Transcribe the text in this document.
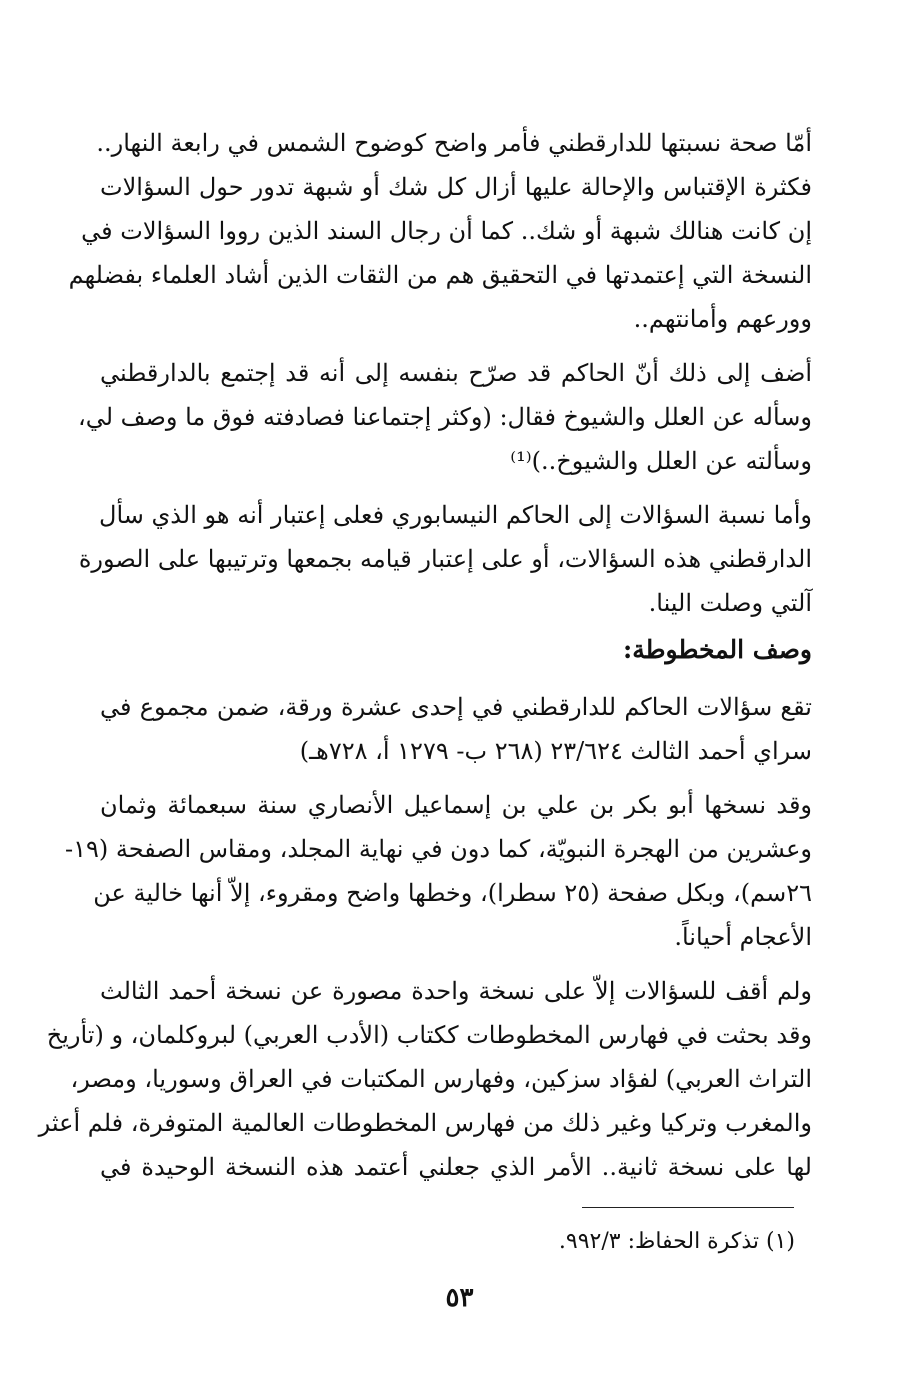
أمّا صحة نسبتها للدارقطني فأمر واضح كوضوح الشمس في رابعة النهار..
فكثرة الإقتباس والإحالة عليها أزال كل شك أو شبهة تدور حول السؤالات
إن كانت هنالك شبهة أو شك.. كما أن رجال السند الذين رووا السؤالات في
النسخة التي إعتمدتها في التحقيق هم من الثقات الذين أشاد العلماء بفضلهم
وورعهم وأمانتهم..
أضف إلى ذلك أنّ الحاكم قد صرّح بنفسه إلى أنه قد إجتمع بالدارقطني
وسأله عن العلل والشيوخ فقال: (وكثر إجتماعنا فصادفته فوق ما وصف لي،
وسألته عن العلل والشيوخ..)⁽¹⁾
وأما نسبة السؤالات إلى الحاكم النيسابوري فعلى إعتبار أنه هو الذي سأل
الدارقطني هذه السؤالات، أو على إعتبار قيامه بجمعها وترتيبها على الصورة
آلتي وصلت الينا.
وصف المخطوطة:
تقع سؤالات الحاكم للدارقطني في إحدى عشرة ورقة، ضمن مجموع في
سراي أحمد الثالث ٢٣/٦٢٤ (٢٦٨ ب- ١٢٧٩ أ، ٧٢٨هـ)
وقد نسخها أبو بكر بن علي بن إسماعيل الأنصاري سنة سبعمائة وثمان
وعشرين من الهجرة النبويّة، كما دون في نهاية المجلد، ومقاس الصفحة (١٩-
٢٦سم)، وبكل صفحة (٢٥ سطرا)، وخطها واضح ومقروء، إلاّ أنها خالية عن
الأعجام أحياناً.
ولم أقف للسؤالات إلاّ على نسخة واحدة مصورة عن نسخة أحمد الثالث
وقد بحثت في فهارس المخطوطات ككتاب (الأدب العربي) لبروكلمان، و (تأريخ
التراث العربي) لفؤاد سزكين، وفهارس المكتبات في العراق وسوريا، ومصر،
والمغرب وتركيا وغير ذلك من فهارس المخطوطات العالمية المتوفرة، فلم أعثر
لها على نسخة ثانية.. الأمر الذي جعلني أعتمد هذه النسخة الوحيدة في
(١) تذكرة الحفاظ: ٩٩٢/٣.
٥٣
